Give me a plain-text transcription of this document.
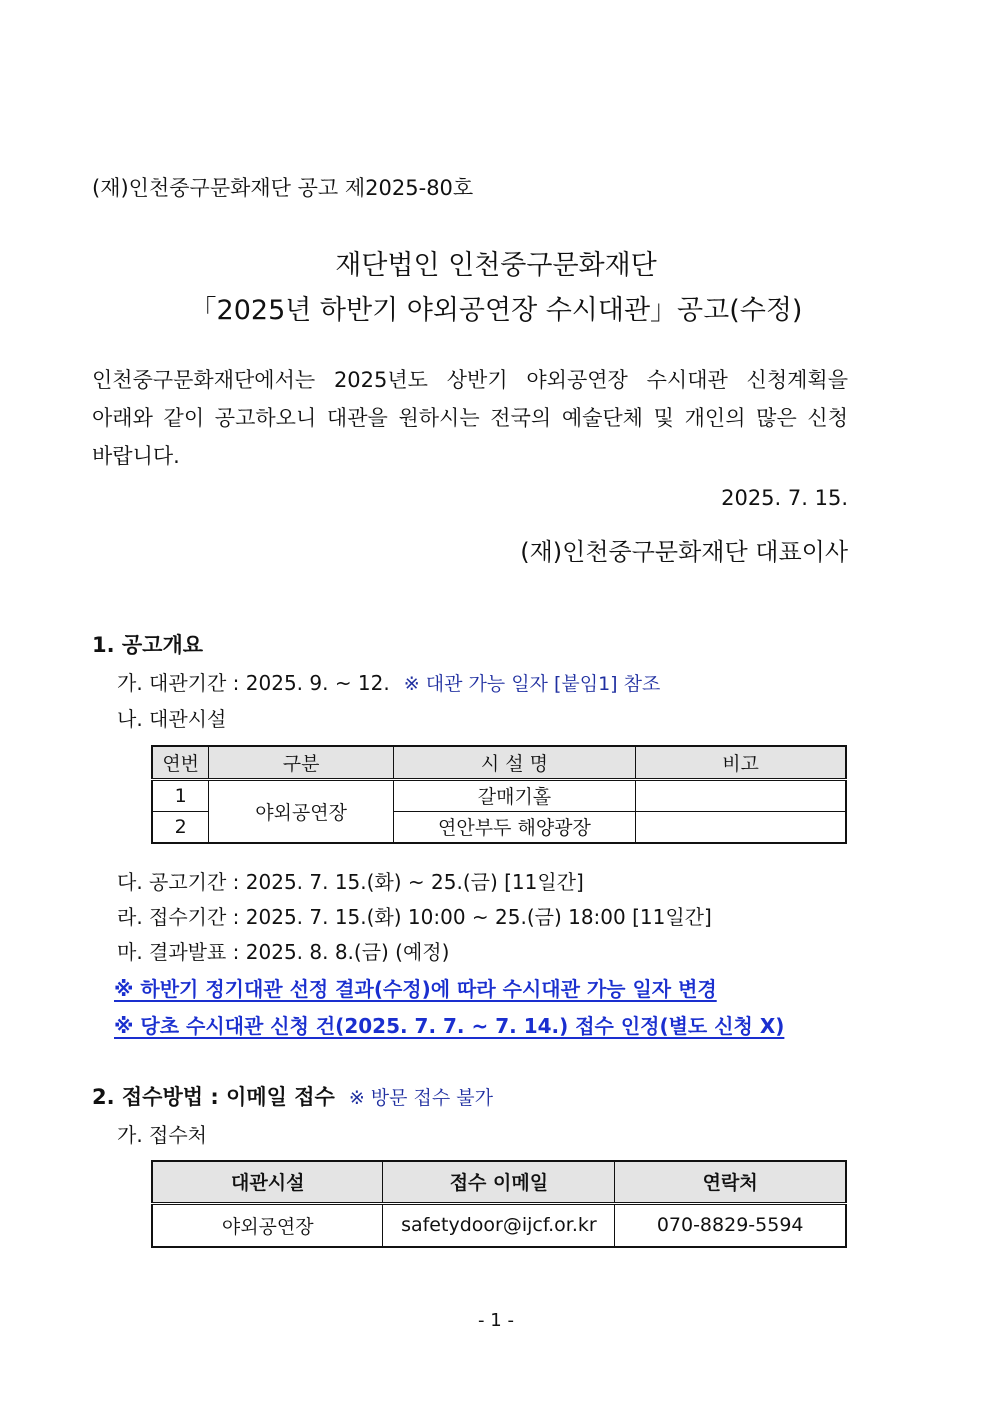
(재)인천중구문화재단 공고 제2025-80호
재단법인 인천중구문화재단
「2025년 하반기 야외공연장 수시대관」공고(수정)
인천중구문화재단에서는 2025년도 상반기 야외공연장 수시대관 신청계획을
아래와 같이 공고하오니 대관을 원하시는 전국의 예술단체 및 개인의 많은 신청
바랍니다.
2025. 7. 15.
(재)인천중구문화재단 대표이사
1. 공고개요
가. 대관기간 : 2025. 9. ~ 12. ※ 대관 가능 일자 [붙임1] 참조
나. 대관시설
연번	구분	시 설 명	비고
1	야외공연장	갈매기홀	
2		연안부두 해양광장	
다. 공고기간 : 2025. 7. 15.(화) ~ 25.(금) [11일간]
라. 접수기간 : 2025. 7. 15.(화) 10:00 ~ 25.(금) 18:00 [11일간]
마. 결과발표 : 2025. 8. 8.(금) (예정)
※ 하반기 정기대관 선정 결과(수정)에 따라 수시대관 가능 일자 변경
※ 당초 수시대관 신청 건(2025. 7. 7. ~ 7. 14.) 접수 인정(별도 신청 X)
2. 접수방법 : 이메일 접수 ※ 방문 접수 불가
가. 접수처
대관시설	접수 이메일	연락처
야외공연장	safetydoor@ijcf.or.kr	070-8829-5594
- 1 -
